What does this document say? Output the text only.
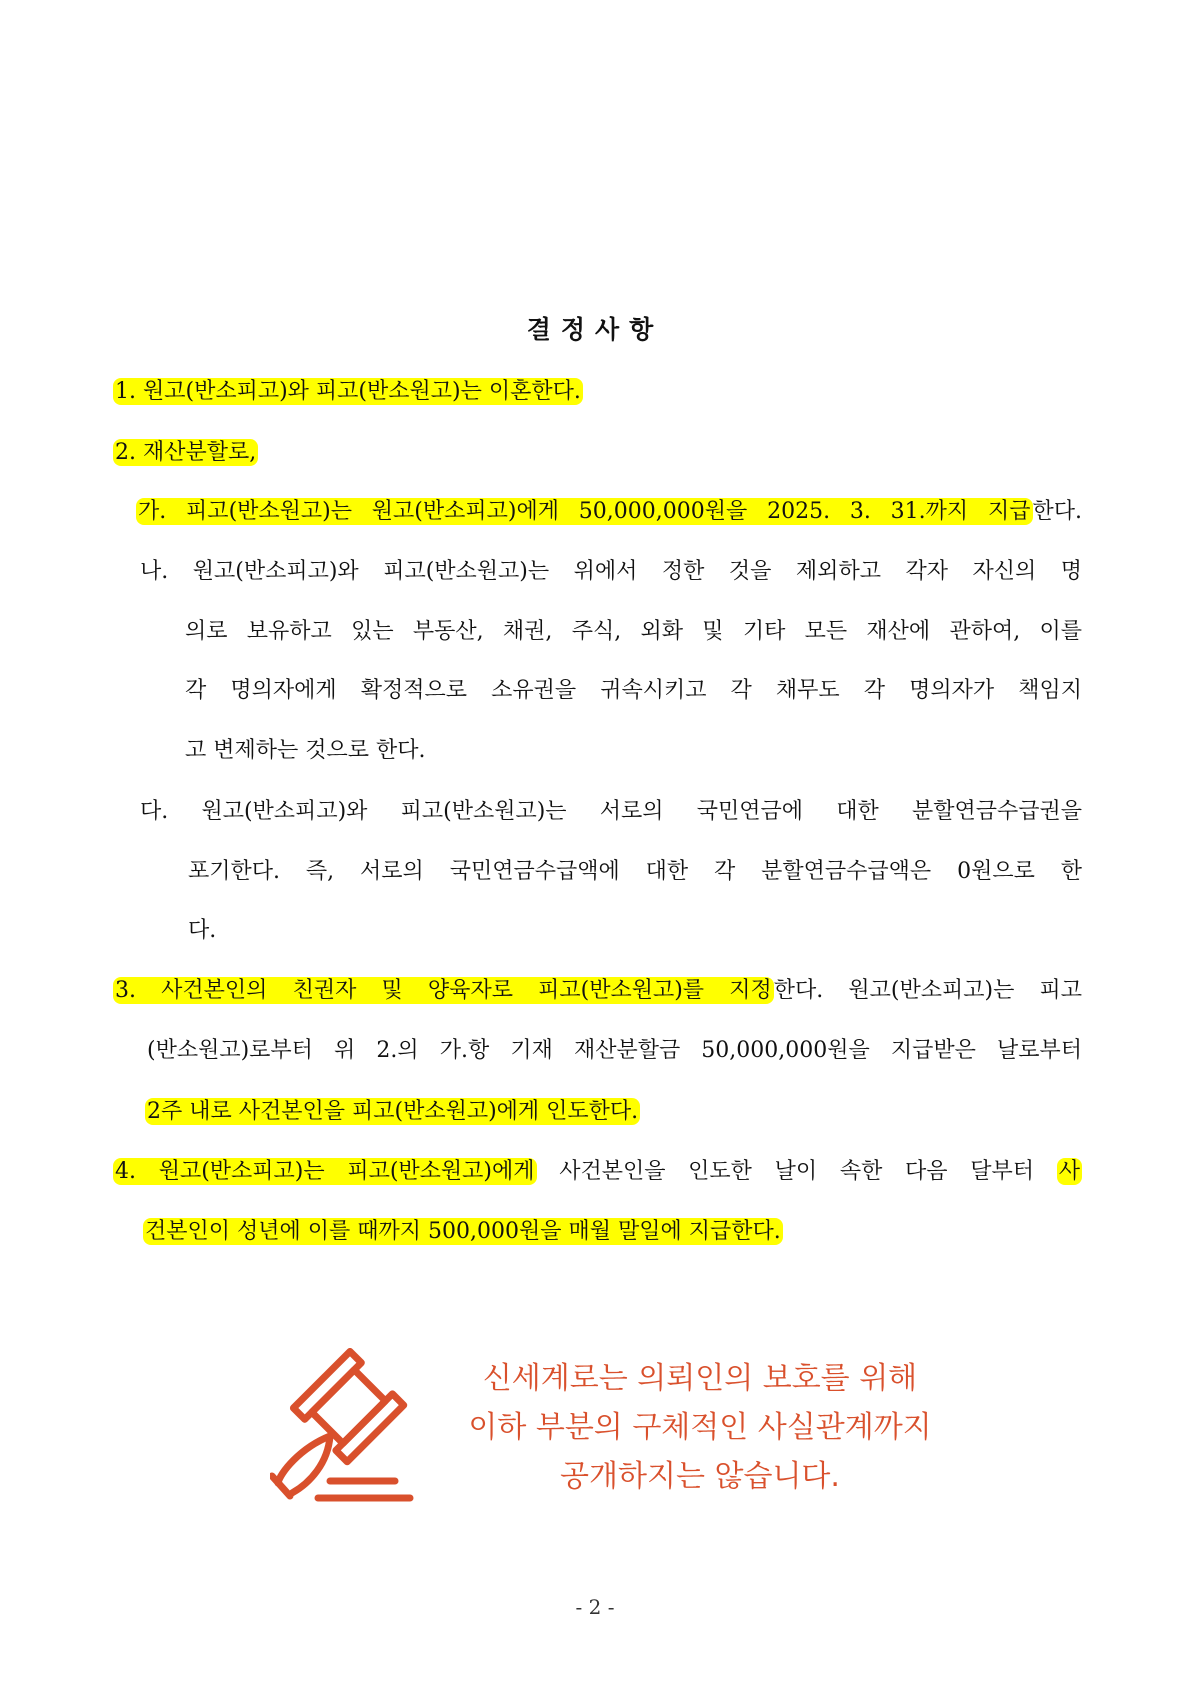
결정사항
1. 원고(반소피고)와 피고(반소원고)는 이혼한다.
2. 재산분할로,
가. 피고(반소원고)는 원고(반소피고)에게 50,000,000원을 2025. 3. 31.까지 지급한다.
나. 원고(반소피고)와 피고(반소원고)는 위에서 정한 것을 제외하고 각자 자신의 명
의로 보유하고 있는 부동산, 채권, 주식, 외화 및 기타 모든 재산에 관하여, 이를
각 명의자에게 확정적으로 소유권을 귀속시키고 각 채무도 각 명의자가 책임지
고 변제하는 것으로 한다.
다. 원고(반소피고)와 피고(반소원고)는 서로의 국민연금에 대한 분할연금수급권을
포기한다. 즉, 서로의 국민연금수급액에 대한 각 분할연금수급액은 0원으로 한
다.
3. 사건본인의 친권자 및 양육자로 피고(반소원고)를 지정한다. 원고(반소피고)는 피고
(반소원고)로부터 위 2.의 가.항 기재 재산분할금 50,000,000원을 지급받은 날로부터
2주 내로 사건본인을 피고(반소원고)에게 인도한다.
4. 원고(반소피고)는 피고(반소원고)에게 사건본인을 인도한 날이 속한 다음 달부터 사
건본인이 성년에 이를 때까지 500,000원을 매월 말일에 지급한다.
신세계로는 의뢰인의 보호를 위해
이하 부분의 구체적인 사실관계까지
공개하지는 않습니다.
- 2 -
